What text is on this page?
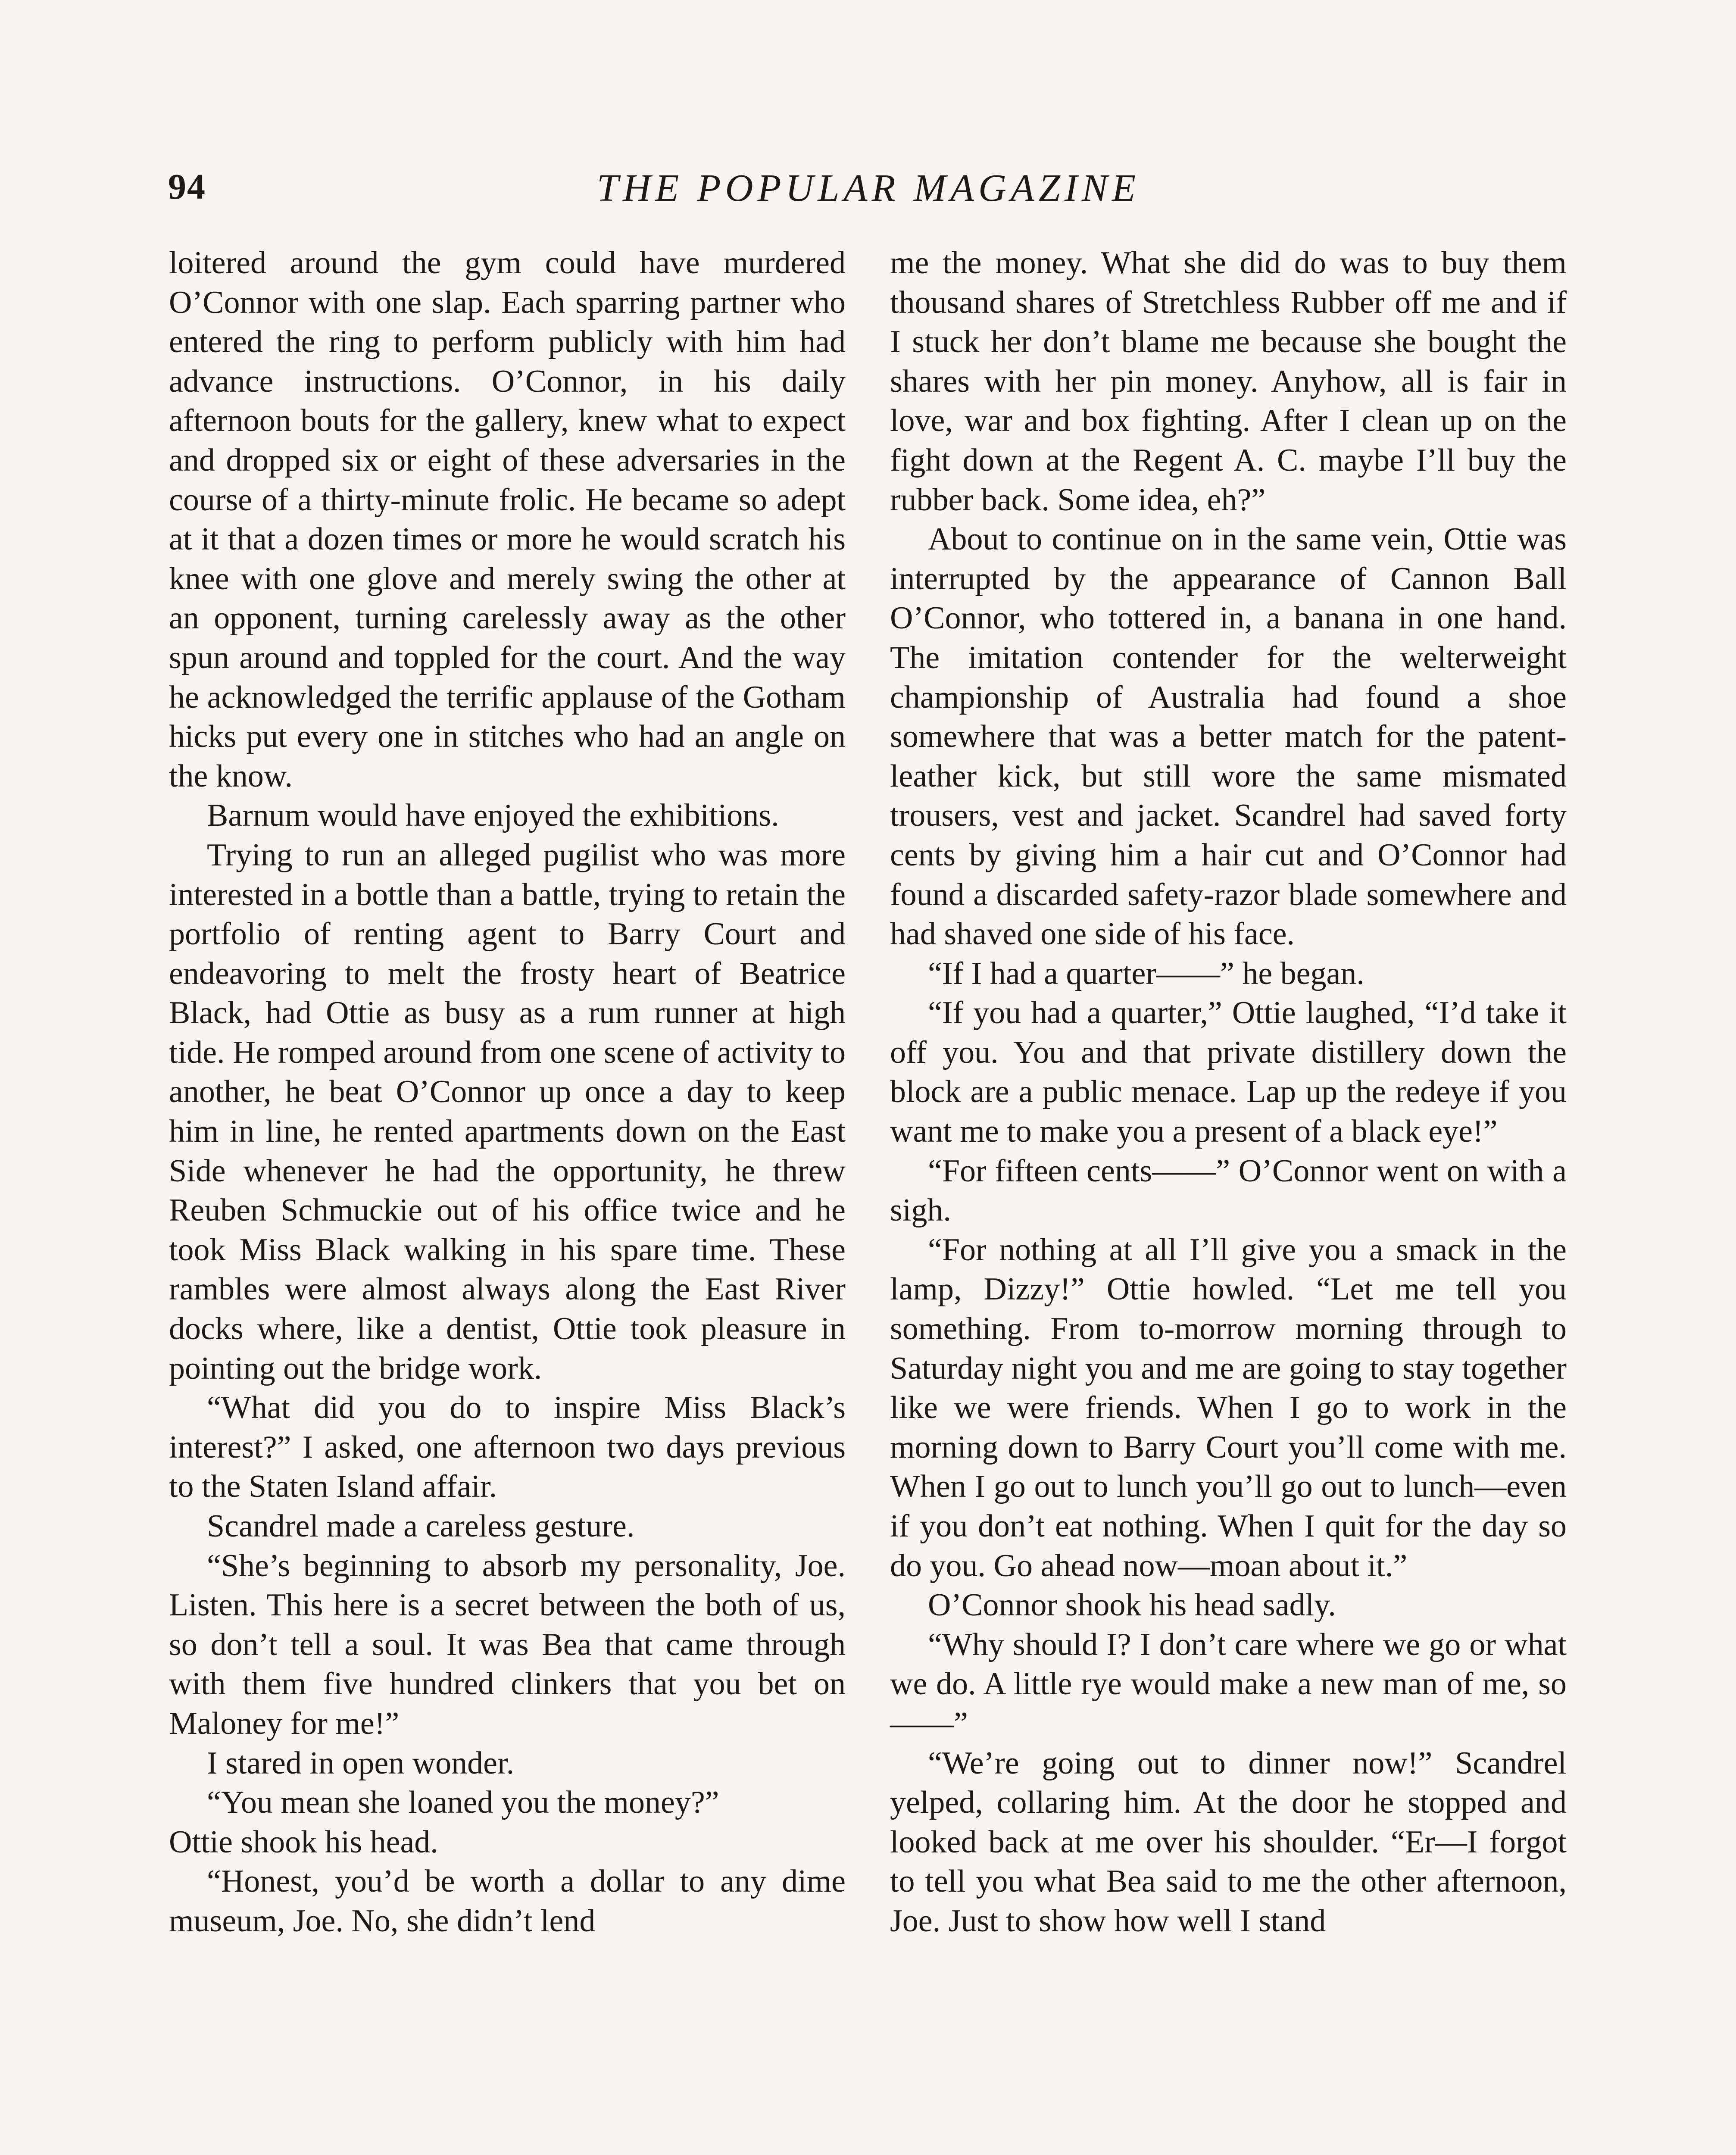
94	THE POPULAR MAGAZINE

loitered around the gym could have murdered O’Connor with one slap. Each sparring partner who entered the ring to perform publicly with him had advance instructions. O’Connor, in his daily afternoon bouts for the gallery, knew what to expect and dropped six or eight of these adversaries in the course of a thirty-minute frolic. He became so adept at it that a dozen times or more he would scratch his knee with one glove and merely swing the other at an opponent, turning carelessly away as the other spun around and toppled for the court. And the way he acknowledged the terrific applause of the Gotham hicks put every one in stitches who had an angle on the know.

Barnum would have enjoyed the exhibitions.

Trying to run an alleged pugilist who was more interested in a bottle than a battle, trying to retain the portfolio of renting agent to Barry Court and endeavoring to melt the frosty heart of Beatrice Black, had Ottie as busy as a rum runner at high tide. He romped around from one scene of activity to another, he beat O’Connor up once a day to keep him in line, he rented apartments down on the East Side whenever he had the opportunity, he threw Reuben Schmuckie out of his office twice and he took Miss Black walking in his spare time. These rambles were almost always along the East River docks where, like a dentist, Ottie took pleasure in pointing out the bridge work.

“What did you do to inspire Miss Black’s interest?” I asked, one afternoon two days previous to the Staten Island affair.

Scandrel made a careless gesture.

“She’s beginning to absorb my personality, Joe. Listen. This here is a secret between the both of us, so don’t tell a soul. It was Bea that came through with them five hundred clinkers that you bet on Maloney for me!”

I stared in open wonder.

“You mean she loaned you the money?”

Ottie shook his head.

“Honest, you’d be worth a dollar to any dime museum, Joe. No, she didn’t lend

me the money. What she did do was to buy them thousand shares of Stretchless Rubber off me and if I stuck her don’t blame me because she bought the shares with her pin money. Anyhow, all is fair in love, war and box fighting. After I clean up on the fight down at the Regent A. C. maybe I’ll buy the rubber back. Some idea, eh?”

About to continue on in the same vein, Ottie was interrupted by the appearance of Cannon Ball O’Connor, who tottered in, a banana in one hand. The imitation contender for the welterweight championship of Australia had found a shoe somewhere that was a better match for the patent-leather kick, but still wore the same mismated trousers, vest and jacket. Scandrel had saved forty cents by giving him a hair cut and O’Connor had found a discarded safety-razor blade somewhere and had shaved one side of his face.

“If I had a quarter——” he began.

“If you had a quarter,” Ottie laughed, “I’d take it off you. You and that private distillery down the block are a public menace. Lap up the redeye if you want me to make you a present of a black eye!”

“For fifteen cents——” O’Connor went on with a sigh.

“For nothing at all I’ll give you a smack in the lamp, Dizzy!” Ottie howled. “Let me tell you something. From to-morrow morning through to Saturday night you and me are going to stay together like we were friends. When I go to work in the morning down to Barry Court you’ll come with me. When I go out to lunch you’ll go out to lunch—even if you don’t eat nothing. When I quit for the day so do you. Go ahead now—moan about it.”

O’Connor shook his head sadly.

“Why should I? I don’t care where we go or what we do. A little rye would make a new man of me, so——”

“We’re going out to dinner now!” Scandrel yelped, collaring him. At the door he stopped and looked back at me over his shoulder. “Er—I forgot to tell you what Bea said to me the other afternoon, Joe. Just to show how well I stand
